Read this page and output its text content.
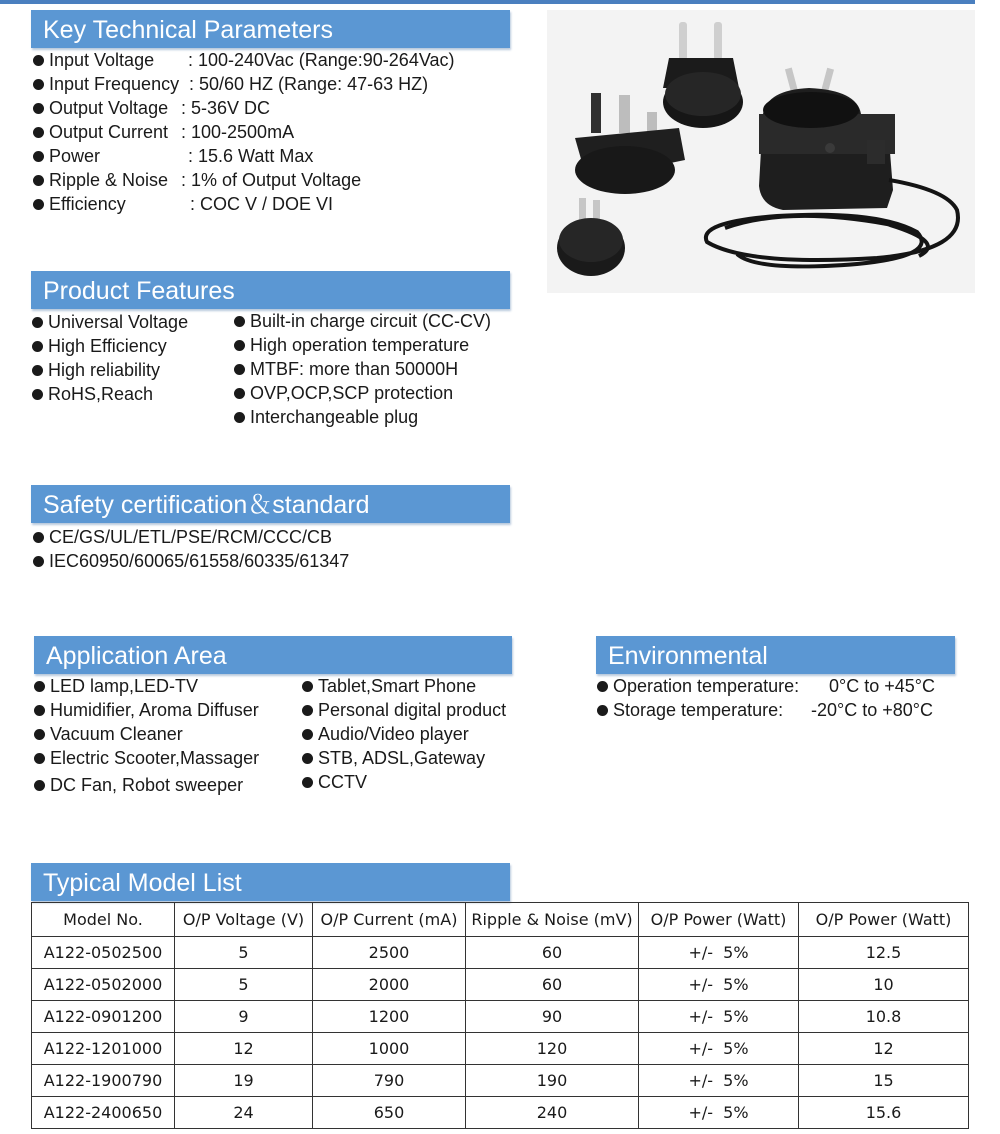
Key Technical Parameters
Input Voltage : 100-240Vac (Range:90-264Vac)
Input Frequency : 50/60 HZ (Range: 47-63 HZ)
Output Voltage : 5-36V DC
Output Current : 100-2500mA
Power	: 15.6 Watt Max
Ripple & Noise : 1% of Output Voltage
Efficiency	: COC V / DOE VI
Product Features
Universal Voltage
High Efficiency
High reliability
RoHS,Reach
Built-in charge circuit (CC-CV)
High operation temperature
MTBF: more than 50000H
OVP,OCP,SCP protection
Interchangeable plug
Safety certification＆standard
CE/GS/UL/ETL/PSE/RCM/CCC/CB
IEC60950/60065/61558/60335/61347
Application Area
LED lamp,LED-TV
Humidifier, Aroma Diffuser
Vacuum Cleaner
Electric Scooter,Massager
DC Fan, Robot sweeper
Tablet,Smart Phone
Personal digital product
Audio/Video player
STB, ADSL,Gateway
CCTV
Environmental
Operation temperature: 0°C to +45°C
Storage temperature: -20°C to +80°C
Typical Model List
Model No.	O/P Voltage (V)	O/P Current (mA)	Ripple & Noise (mV)	O/P Power (Watt)	O/P Power (Watt)
A122-0502500	5	2500	60	+/-  5%	12.5
A122-0502000	5	2000	60	+/-  5%	10
A122-0901200	9	1200	90	+/-  5%	10.8
A122-1201000	12	1000	120	+/-  5%	12
A122-1900790	19	790	190	+/-  5%	15
A122-2400650	24	650	240	+/-  5%	15.6
